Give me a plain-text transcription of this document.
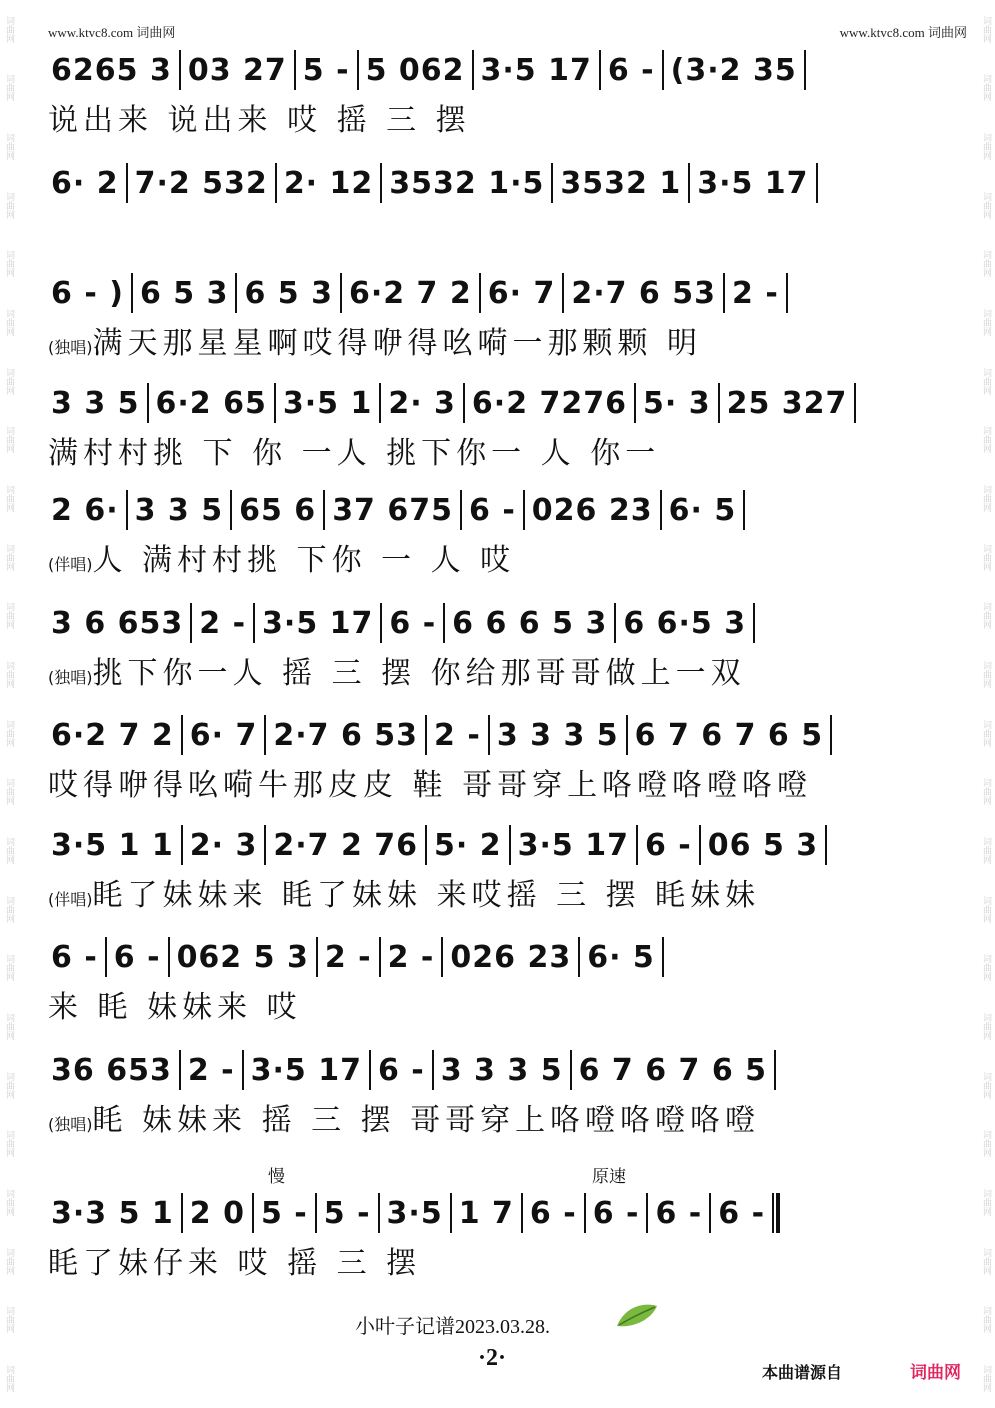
www.ktvc8.com 词曲网	www.ktvc8.com 词曲网
词曲网
词曲网
词曲网
词曲网
词曲网
词曲网
词曲网
词曲网
词曲网
词曲网
词曲网
词曲网
词曲网
词曲网
词曲网
词曲网
词曲网
词曲网
词曲网
词曲网
词曲网
词曲网
词曲网
词曲网
词曲网
词曲网
词曲网
词曲网
词曲网
词曲网
词曲网
词曲网
词曲网
词曲网
词曲网
词曲网
词曲网
词曲网
词曲网
词曲网
词曲网
词曲网
词曲网
词曲网
词曲网
词曲网
词曲网
词曲网
6265 3 03 27 5 - 5 062 3·5 17 6 - (3·2 35
说出来 说出来 哎 摇 三 摆
6· 2 7·2 532 2· 12 3532 1·5 3532 1 3·5 17
6 - ) 6 5 3 6 5 3 6·2 7 2 6· 7 2·7 6 53 2 -
(独唱)满天那星星啊哎得咿得吆嗬一那颗颗 明
3 3 5 6·2 65 3·5 1 2· 3 6·2 7276 5· 3 25 327
满村村挑 下 你 一人 挑下你一 人 你一
2 6· 3 3 5 65 6 37 675 6 - 026 23 6· 5
(伴唱)人 满村村挑 下你 一 人 哎
3 6 653 2 - 3·5 17 6 - 6 6 6 5 3 6 6·5 3
(独唱)挑下你一人 摇 三 摆 你给那哥哥做上一双
6·2 7 2 6· 7 2·7 6 53 2 - 3 3 3 5 6 7 6 7 6 5
哎得咿得吆嗬牛那皮皮 鞋 哥哥穿上咯噔咯噔咯噔
3·5 1 1 2· 3 2·7 2 76 5· 2 3·5 17 6 - 06 5 3
(伴唱)眊了妹妹来 眊了妹妹 来哎摇 三 摆 眊妹妹
6 - 6 - 062 5 3 2 - 2 - 026 23 6· 5
来 眊 妹妹来 哎
36 653 2 - 3·5 17 6 - 3 3 3 5 6 7 6 7 6 5
(独唱)眊 妹妹来 摇 三 摆 哥哥穿上咯噔咯噔咯噔
3·3 5 1 2 0 5 - 5 - 3·5 1 7 6 - 6 - 6 - 6 -
眊了妹仔来 哎 摇 三 摆
慢	原速
小叶子记谱2023.03.28.
·2·
本曲谱源自	词曲网
